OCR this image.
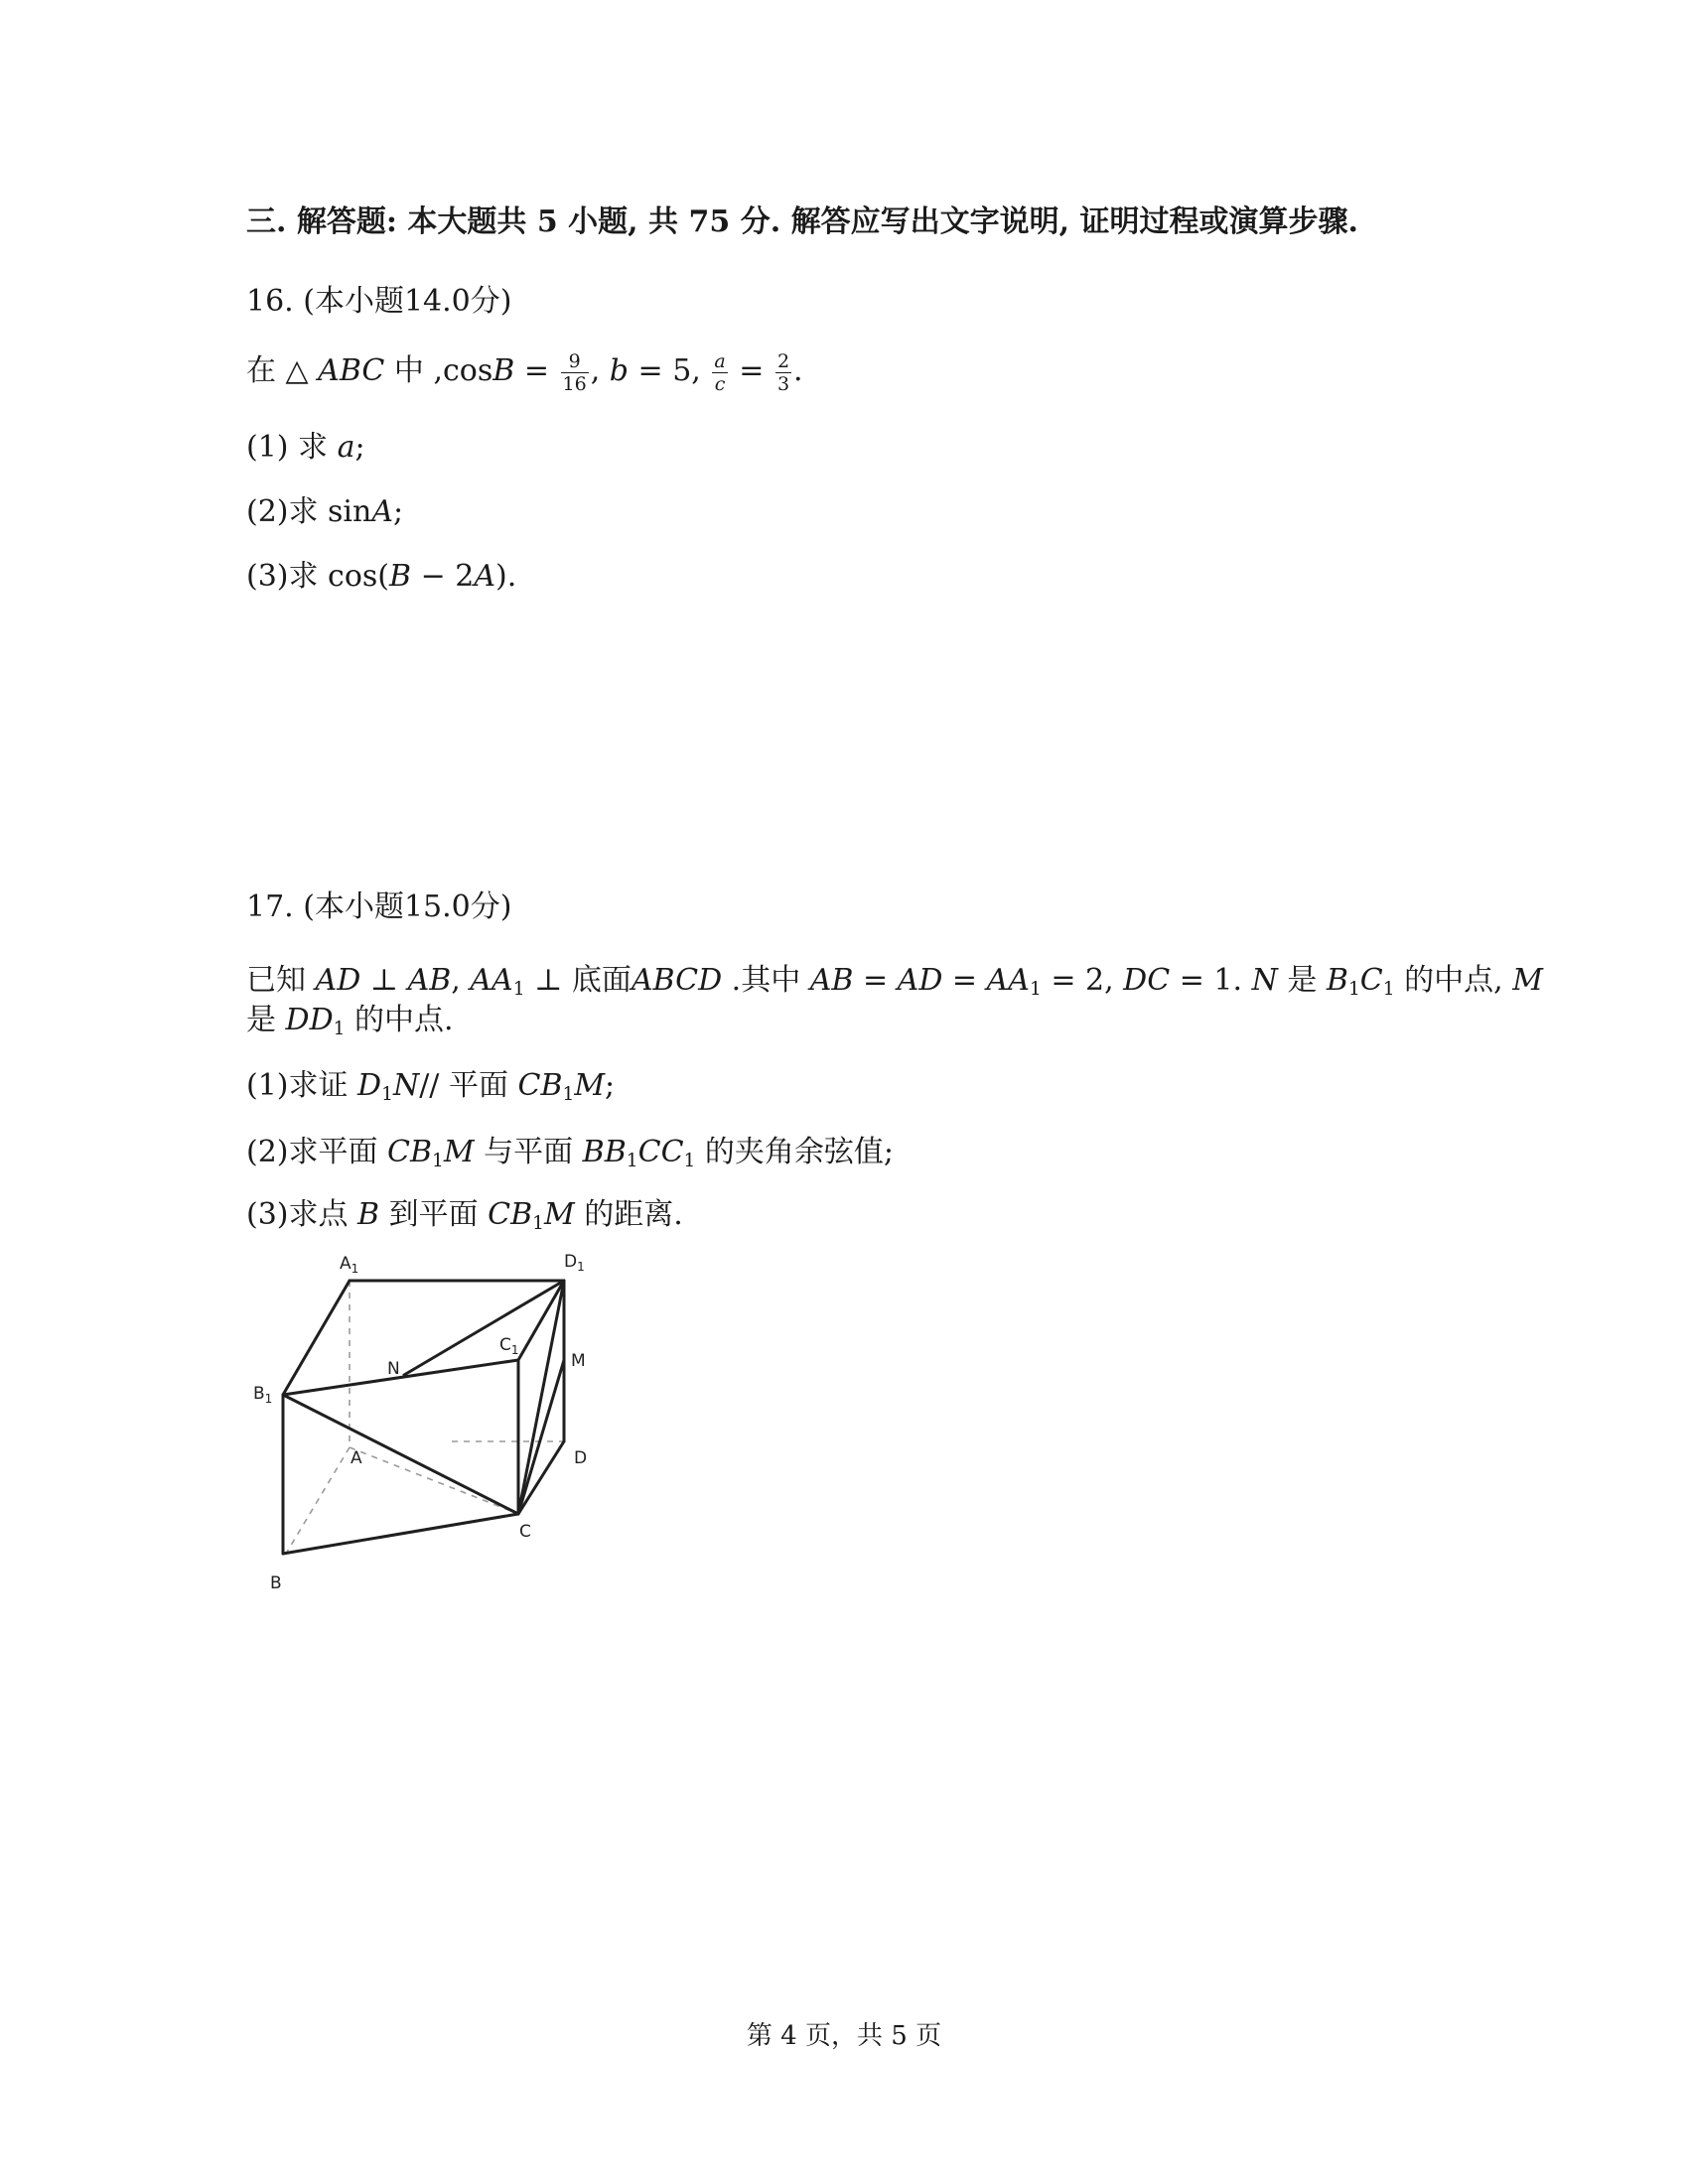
三. 解答题: 本大题共 5 小题, 共 75 分. 解答应写出文字说明, 证明过程或演算步骤.
16. (本小题14.0分)
在 △ ABC 中 $,\cos B = \frac{9}{16}$ , b = 5, $\frac{a}{c} = \frac{2}{3}$ .
(1) 求 a;
(2)求 sinA;
(3)求 cos(B − 2A).
17. (本小题15.0分)
已知 AD ⊥ AB, $AA_1$ ⊥ 底面ABCD .其中 AB = AD = $AA_1 = 2$, DC = 1. N 是 $B_1C_1$ 的中点, M
是 $DD_1$ 的中点.
(1)求证 $D_1N//$ 平面 $CB_1M$;
(2)求平面 $CB_1M$ 与平面 $BB_1CC_1$ 的夹角余弦值;
(3)求点 B 到平面 $CB_1M$ 的距离.
$A_1$	$D_1$
$C_1$
N	M
$B_1$
A	D
C
B
第 4 页，共 5 页
